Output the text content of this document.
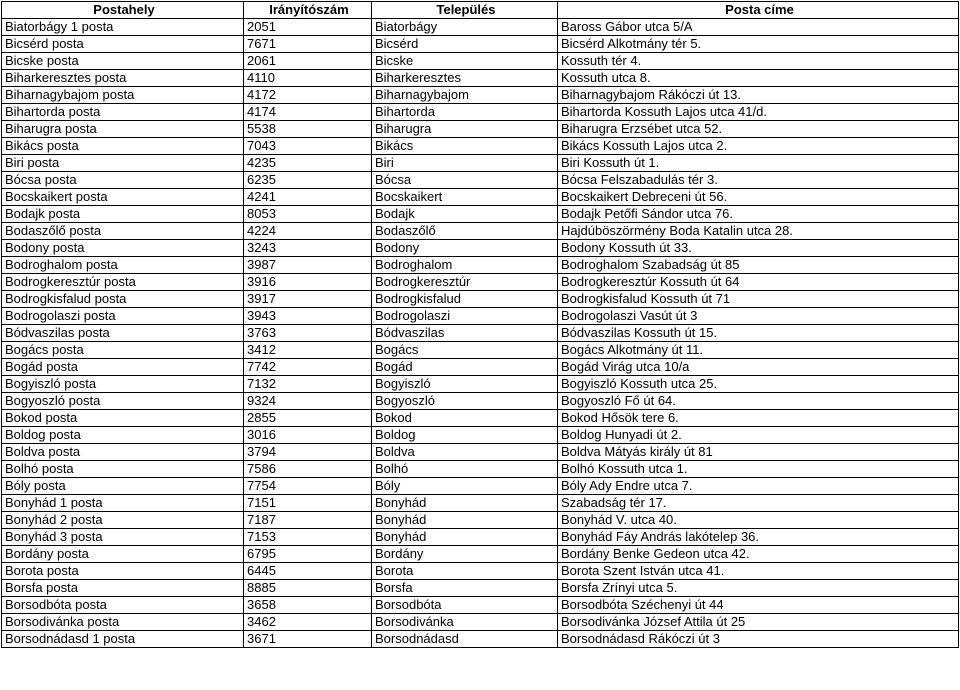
Postahely	Irányítószám	Település	Posta címe
Biatorbágy 1 posta	2051	Biatorbágy	Baross Gábor utca 5/A
Bicsérd posta	7671	Bicsérd	Bicsérd Alkotmány tér 5.
Bicske posta	2061	Bicske	Kossuth tér 4.
Biharkeresztes posta	4110	Biharkeresztes	Kossuth utca 8.
Biharnagybajom posta	4172	Biharnagybajom	Biharnagybajom Rákóczi út 13.
Bihartorda posta	4174	Bihartorda	Bihartorda Kossuth Lajos utca 41/d.
Biharugra posta	5538	Biharugra	Biharugra Erzsébet utca 52.
Bikács posta	7043	Bikács	Bikács Kossuth Lajos utca 2.
Biri posta	4235	Biri	Biri Kossuth út 1.
Bócsa posta	6235	Bócsa	Bócsa Felszabadulás tér 3.
Bocskaikert posta	4241	Bocskaikert	Bocskaikert Debreceni út 56.
Bodajk posta	8053	Bodajk	Bodajk Petőfi Sándor utca 76.
Bodaszőlő posta	4224	Bodaszőlő	Hajdúböszörmény Boda Katalin utca 28.
Bodony posta	3243	Bodony	Bodony Kossuth út 33.
Bodroghalom posta	3987	Bodroghalom	Bodroghalom Szabadság út 85
Bodrogkeresztúr posta	3916	Bodrogkeresztúr	Bodrogkeresztúr Kossuth út 64
Bodrogkisfalud posta	3917	Bodrogkisfalud	Bodrogkisfalud Kossuth út 71
Bodrogolaszi posta	3943	Bodrogolaszi	Bodrogolaszi Vasút út 3
Bódvaszilas posta	3763	Bódvaszilas	Bódvaszilas Kossuth út 15.
Bogács posta	3412	Bogács	Bogács Alkotmány út 11.
Bogád posta	7742	Bogád	Bogád Virág utca 10/a
Bogyiszló posta	7132	Bogyiszló	Bogyiszló Kossuth utca 25.
Bogyoszló posta	9324	Bogyoszló	Bogyoszló Fő út 64.
Bokod posta	2855	Bokod	Bokod Hősök tere 6.
Boldog posta	3016	Boldog	Boldog Hunyadi út 2.
Boldva posta	3794	Boldva	Boldva Mátyás király út 81
Bolhó posta	7586	Bolhó	Bolhó Kossuth utca 1.
Bóly posta	7754	Bóly	Bóly Ady Endre utca 7.
Bonyhád 1 posta	7151	Bonyhád	Szabadság tér 17.
Bonyhád 2 posta	7187	Bonyhád	Bonyhád V. utca 40.
Bonyhád 3 posta	7153	Bonyhád	Bonyhád Fáy András lakótelep 36.
Bordány posta	6795	Bordány	Bordány Benke Gedeon utca 42.
Borota posta	6445	Borota	Borota Szent István utca 41.
Borsfa posta	8885	Borsfa	Borsfa Zrínyi utca 5.
Borsodbóta posta	3658	Borsodbóta	Borsodbóta Széchenyi út 44
Borsodivánka posta	3462	Borsodivánka	Borsodivánka József Attila út 25
Borsodnádasd 1 posta	3671	Borsodnádasd	Borsodnádasd Rákóczi út 3
